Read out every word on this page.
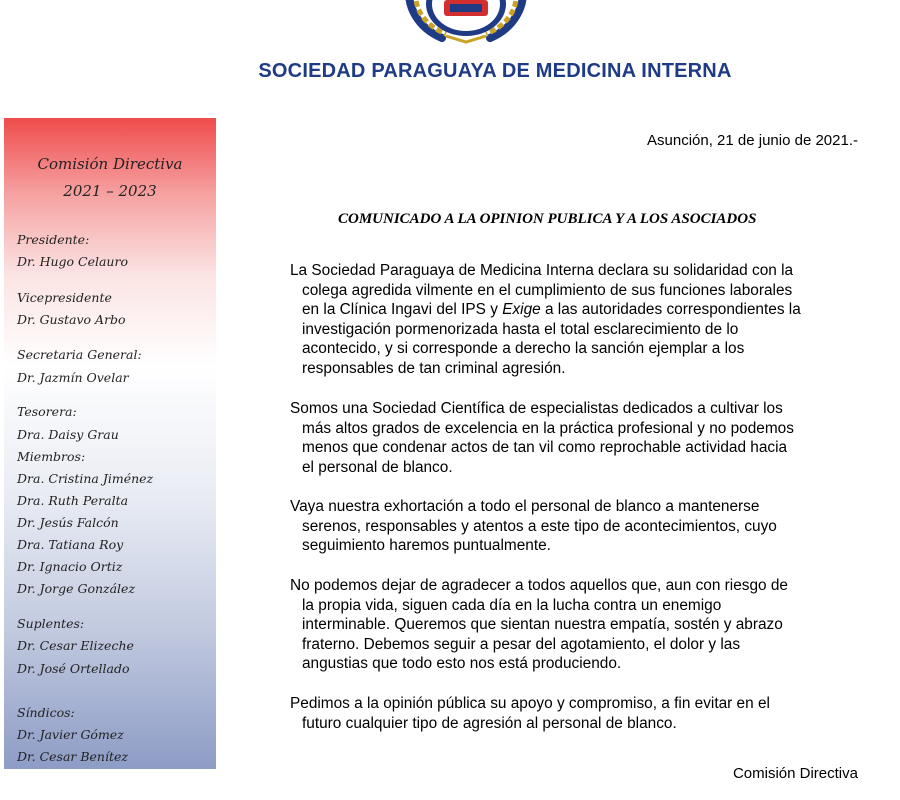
SOCIEDAD PARAGUAYA DE MEDICINA INTERNA
Comisión Directiva
2021 – 2023
Presidente:
Dr. Hugo Celauro
Vicepresidente
Dr. Gustavo Arbo
Secretaria General:
Dr. Jazmín Ovelar
Tesorera:
Dra. Daisy Grau
Miembros:
Dra. Cristina Jiménez
Dra. Ruth Peralta
Dr. Jesús Falcón
Dra. Tatiana Roy
Dr. Ignacio Ortiz
Dr. Jorge González
Suplentes:
Dr. Cesar Elizeche
Dr. José Ortellado
Síndicos:
Dr. Javier Gómez
Dr. Cesar Benítez
Asunción, 21 de junio de 2021.-
COMUNICADO A LA OPINION PUBLICA Y A LOS ASOCIADOS

La Sociedad Paraguaya de Medicina Interna declara su solidaridad con la
colega agredida vilmente en el cumplimiento de sus funciones laborales
en la Clínica Ingavi del IPS y Exige a las autoridades correspondientes la
investigación pormenorizada hasta el total esclarecimiento de lo
acontecido, y si corresponde a derecho la sanción ejemplar a los
responsables de tan criminal agresión.

Somos una Sociedad Científica de especialistas dedicados a cultivar los
más altos grados de excelencia en la práctica profesional y no podemos
menos que condenar actos de tan vil como reprochable actividad hacia
el personal de blanco.

Vaya nuestra exhortación a todo el personal de blanco a mantenerse
serenos, responsables y atentos a este tipo de acontecimientos, cuyo
seguimiento haremos puntualmente.

No podemos dejar de agradecer a todos aquellos que, aun con riesgo de
la propia vida, siguen cada día en la lucha contra un enemigo
interminable. Queremos que sientan nuestra empatía, sostén y abrazo
fraterno. Debemos seguir a pesar del agotamiento, el dolor y las
angustias que todo esto nos está produciendo.

Pedimos a la opinión pública su apoyo y compromiso, a fin evitar en el
futuro cualquier tipo de agresión al personal de blanco.

Comisión Directiva
